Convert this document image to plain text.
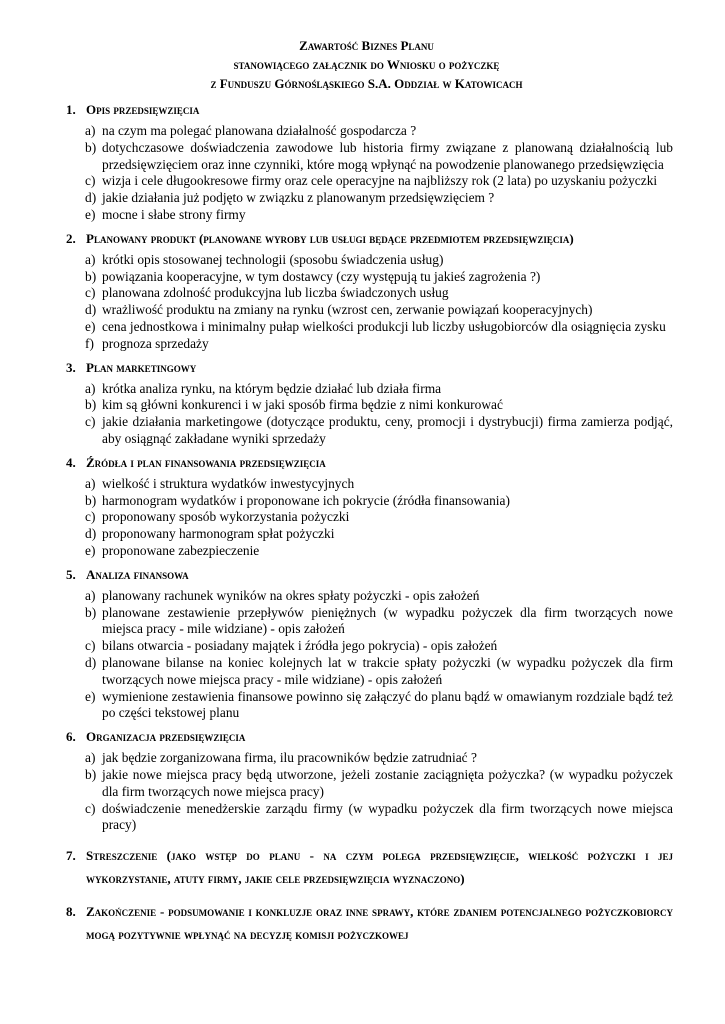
Zawartość Biznes Planu
stanowiącego załącznik do Wniosku o pożyczkę
z Funduszu Górnośląskiego S.A. Oddział w Katowicach
1. Opis przedsięwzięcia
a) na czym ma polegać planowana działalność gospodarcza ?
b) dotychczasowe doświadczenia zawodowe lub historia firmy związane z planowaną działalnością lub przedsięwzięciem oraz inne czynniki, które mogą wpłynąć na powodzenie planowanego przedsięwzięcia
c) wizja i cele długookresowe firmy oraz cele operacyjne na najbliższy rok (2 lata) po uzyskaniu pożyczki
d) jakie działania już podjęto w związku z planowanym przedsięwzięciem ?
e) mocne i słabe strony firmy
2. Planowany produkt (planowane wyroby lub usługi będące przedmiotem przedsięwzięcia)
a) krótki opis stosowanej technologii (sposobu świadczenia usług)
b) powiązania kooperacyjne, w tym dostawcy (czy występują tu jakieś zagrożenia ?)
c) planowana zdolność produkcyjna lub liczba świadczonych usług
d) wrażliwość produktu na zmiany na rynku (wzrost cen, zerwanie powiązań kooperacyjnych)
e) cena jednostkowa i minimalny pułap wielkości produkcji lub liczby usługobiorców dla osiągnięcia zysku
f) prognoza sprzedaży
3. Plan marketingowy
a) krótka analiza rynku, na którym będzie działać lub działa firma
b) kim są główni konkurenci i w jaki sposób firma będzie z nimi konkurować
c) jakie działania marketingowe (dotyczące produktu, ceny, promocji i dystrybucji) firma zamierza podjąć, aby osiągnąć zakładane wyniki sprzedaży
4. Źródła i plan finansowania przedsięwzięcia
a) wielkość i struktura wydatków inwestycyjnych
b) harmonogram wydatków i proponowane ich pokrycie (źródła finansowania)
c) proponowany sposób wykorzystania pożyczki
d) proponowany harmonogram spłat pożyczki
e) proponowane zabezpieczenie
5. Analiza finansowa
a) planowany rachunek wyników na okres spłaty pożyczki - opis założeń
b) planowane zestawienie przepływów pieniężnych (w wypadku pożyczek dla firm tworzących nowe miejsca pracy - mile widziane) - opis założeń
c) bilans otwarcia - posiadany majątek i źródła jego pokrycia) - opis założeń
d) planowane bilanse na koniec kolejnych lat w trakcie spłaty pożyczki (w wypadku pożyczek dla firm tworzących nowe miejsca pracy - mile widziane) - opis założeń
e) wymienione zestawienia finansowe powinno się załączyć do planu bądź w omawianym rozdziale bądź też po części tekstowej planu
6. Organizacja przedsięwzięcia
a) jak będzie zorganizowana firma, ilu pracowników będzie zatrudniać ?
b) jakie nowe miejsca pracy będą utworzone, jeżeli zostanie zaciągnięta pożyczka? (w wypadku pożyczek dla firm tworzących nowe miejsca pracy)
c) doświadczenie menedżerskie zarządu firmy (w wypadku pożyczek dla firm tworzących nowe miejsca pracy)
7. Streszczenie (jako wstęp do planu - na czym polega przedsięwzięcie, wielkość pożyczki i jej wykorzystanie, atuty firmy, jakie cele przedsięwzięcia wyznaczono)
8. Zakończenie - podsumowanie i konkluzje oraz inne sprawy, które zdaniem potencjalnego pożyczkobiorcy mogą pozytywnie wpłynąć na decyzję komisji pożyczkowej
